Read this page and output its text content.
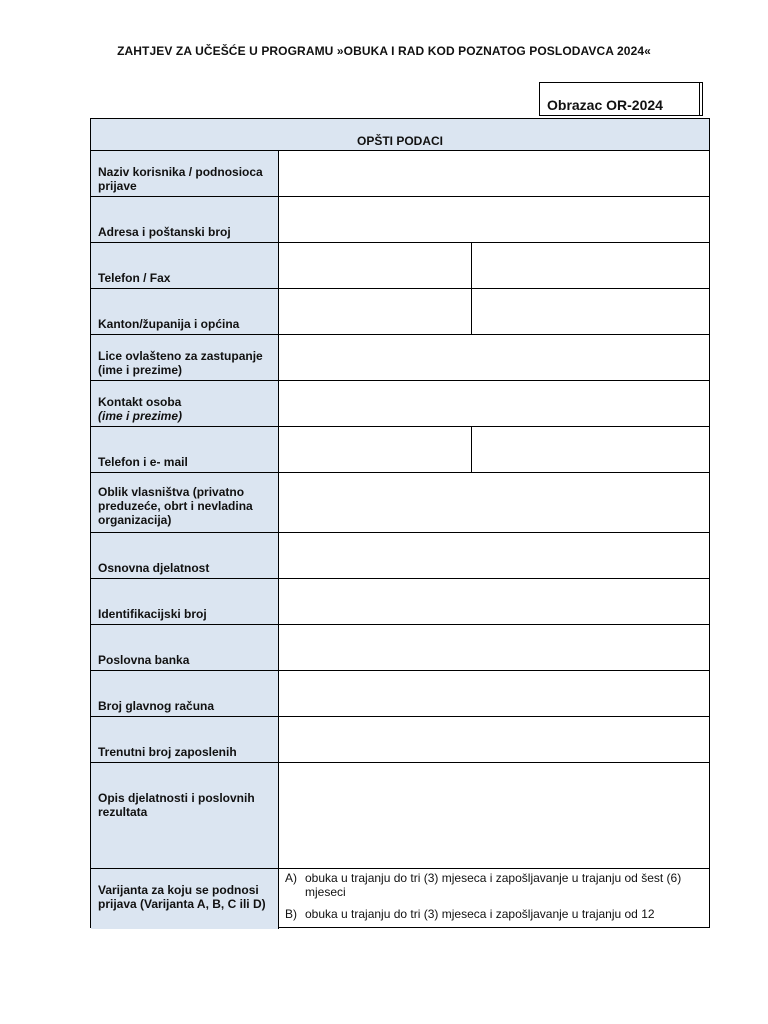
ZAHTJEV ZA UČEŠĆE U PROGRAMU »OBUKA I RAD KOD POZNATOG POSLODAVCA 2024«
Obrazac OR-2024
OPŠTI PODACI
Naziv korisnika / podnosioca prijave
Adresa i poštanski broj
Telefon / Fax
Kanton/županija i općina
Lice ovlašteno za zastupanje (ime i prezime)
Kontakt osoba
(ime i prezime)
Telefon i e- mail
Oblik vlasništva (privatno preduzeće, obrt i nevladina organizacija)
Osnovna djelatnost
Identifikacijski broj
Poslovna banka
Broj glavnog računa
Trenutni broj zaposlenih
Opis djelatnosti i poslovnih rezultata
Varijanta za koju se podnosi prijava (Varijanta A, B, C ili D)
A) obuka u trajanju do tri (3) mjeseca i zapošljavanje u trajanju od šest (6) mjeseci
B) obuka u trajanju do tri (3) mjeseca i zapošljavanje u trajanju od 12
